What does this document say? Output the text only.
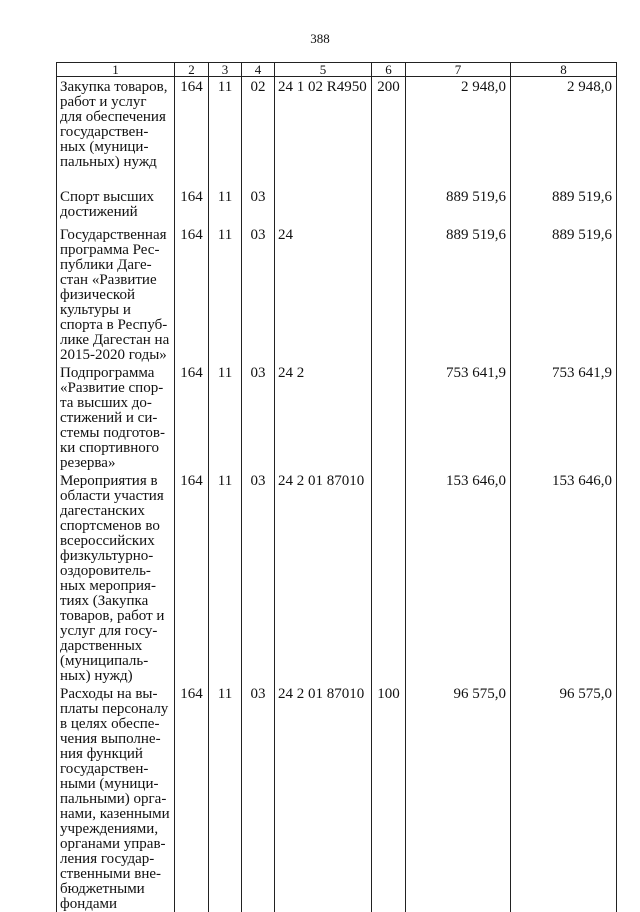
388
1	2	3	4	5	6	7	8
Закупка товаров, работ и услуг для обеспечения государствен-ных (муници-пальных) нужд	164	11	02	24 1 02 R4950	200	2 948,0	2 948,0
Спорт высших достижений	164	11	03			889 519,6	889 519,6
Государственная программа Рес-публики Даге-стан «Развитие физической культуры и спорта в Респуб-лике Дагестан на 2015-2020 годы»	164	11	03	24		889 519,6	889 519,6
Подпрограмма «Развитие спор-та высших до-стижений и си-стемы подготов-ки спортивного резерва»	164	11	03	24 2		753 641,9	753 641,9
Мероприятия в области участия дагестанских спортсменов во всероссийских физкультурно-оздоровитель-ных мероприя-тиях (Закупка товаров, работ и услуг для госу-дарственных (муниципаль-ных) нужд)	164	11	03	24 2 01 87010		153 646,0	153 646,0
Расходы на вы-платы персоналу в целях обеспе-чения выполне-ния функций государствен-ными (муници-пальными) орга-нами, казенными учреждениями, органами управ-ления государ-ственными вне-бюджетными фондами	164	11	03	24 2 01 87010	100	96 575,0	96 575,0
